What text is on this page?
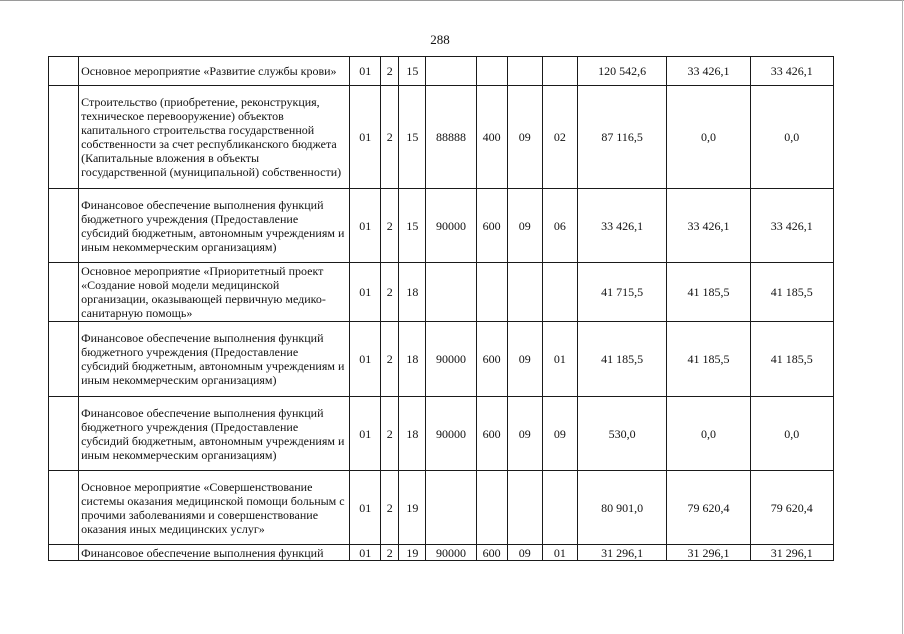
288
	Основное мероприятие «Развитие службы крови»	01	2	15					120 542,6	33 426,1	33 426,1
	Строительство (приобретение, реконструкция, техническое перевооружение) объектов капитального строительства государственной собственности за счет республиканского бюджета (Капитальные вложения в объекты государственной (муниципальной) собственности)	01	2	15	88888	400	09	02	87 116,5	0,0	0,0
	Финансовое обеспечение выполнения функций бюджетного учреждения (Предоставление субсидий бюджетным, автономным учреждениям и иным некоммерческим организациям)	01	2	15	90000	600	09	06	33 426,1	33 426,1	33 426,1
	Основное мероприятие «Приоритетный проект «Создание новой модели медицинской организации, оказывающей первичную медико-санитарную помощь»	01	2	18					41 715,5	41 185,5	41 185,5
	Финансовое обеспечение выполнения функций бюджетного учреждения (Предоставление субсидий бюджетным, автономным учреждениям и иным некоммерческим организациям)	01	2	18	90000	600	09	01	41 185,5	41 185,5	41 185,5
	Финансовое обеспечение выполнения функций бюджетного учреждения (Предоставление субсидий бюджетным, автономным учреждениям и иным некоммерческим организациям)	01	2	18	90000	600	09	09	530,0	0,0	0,0
	Основное мероприятие «Совершенствование системы оказания медицинской помощи больным с прочими заболеваниями и совершенствование оказания иных медицинских услуг»	01	2	19					80 901,0	79 620,4	79 620,4
	Финансовое обеспечение выполнения функций	01	2	19	90000	600	09	01	31 296,1	31 296,1	31 296,1
